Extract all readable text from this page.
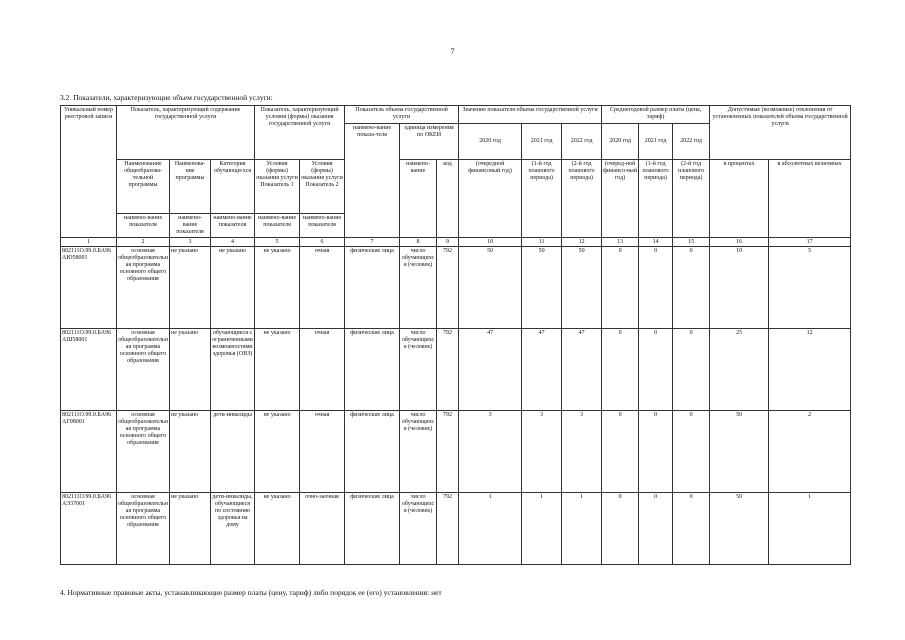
7
3.2. Показатели, характеризующие объем государственной услуги:
Уникальный номер реестровой записи	Показатель, характеризующий содержание государственной услуги			Показатель, характеризующий условия (формы) оказания государственной услуги		Показатель объема государственной услуги			Значение показателя объема государственной услуги			Среднегодовой размер платы (цена, тариф)			Допустимые (возможные) отклонения от установленных показателей объема государственной услуги	
						наимено-вание показа-теля	единица измерения по ОКЕИ		2020 год	2021 год	2022 год	2020 год	2021 год	2022 год		
	Наименование общеобразова-тельной программы	Наименова-ние программы	Категория обучающи-хся	Условия (формы) оказания услуги Показатель 1	Условия (формы) оказания услуги Показатель 2		наимено-вание	код	(очередной финансовый год)	(1-й год планового периода)	(2-й год планового периода)	(очеред-ной финансо-вый год)	(1-й год планового периода)	(2-й год планового периода)	в процентах	в абсолютных величинах
	наимено-вание показателя	наимено-вание показателя	наимено-вание показателя	наимено-вание показателя	наимено-вание показателя											
1	2	3	4	5	6	7	8	9	10	11	12	13	14	15	16	17
802111О.99.0.БА96АЮ58001	основная общеобразовательная программа основного общего образования	не указано	не указано	не указано	очная	физические лица	число обучающихся (человек)	792	50	50	50	0	0	0	10	5
802111О.99.0.БА96АШ58001	основная общеобразовательная программа основного общего образования	не указано	обучающиеся с ограниченными возможностями здоровья (ОВЗ)	не указано	очная	физические лица	число обучающихся (человек)	792	47	47	47	0	0	0	25	12
802111О.99.0.БА96АГ08001	основная общеобразовательная программа основного общего образования	не указано	дети-инвалиды	не указано	очная	физические лица	число обучающихся (человек)	792	3	3	3	0	0	0	50	2
802111О.99.0.БА96АЭ37001	основная общеобразовательная программа основного общего образования	не указано	дети-инвалиды, обучающиеся по состоянию здоровья на дому	не указано	очно-заочная	физические лица	число обучающихся (человек)	792	1	1	1	0	0	0	50	1
4. Нормативные правовые акты, устанавливающие размер платы (цену, тариф) либо порядок ее (его) установления: нет
